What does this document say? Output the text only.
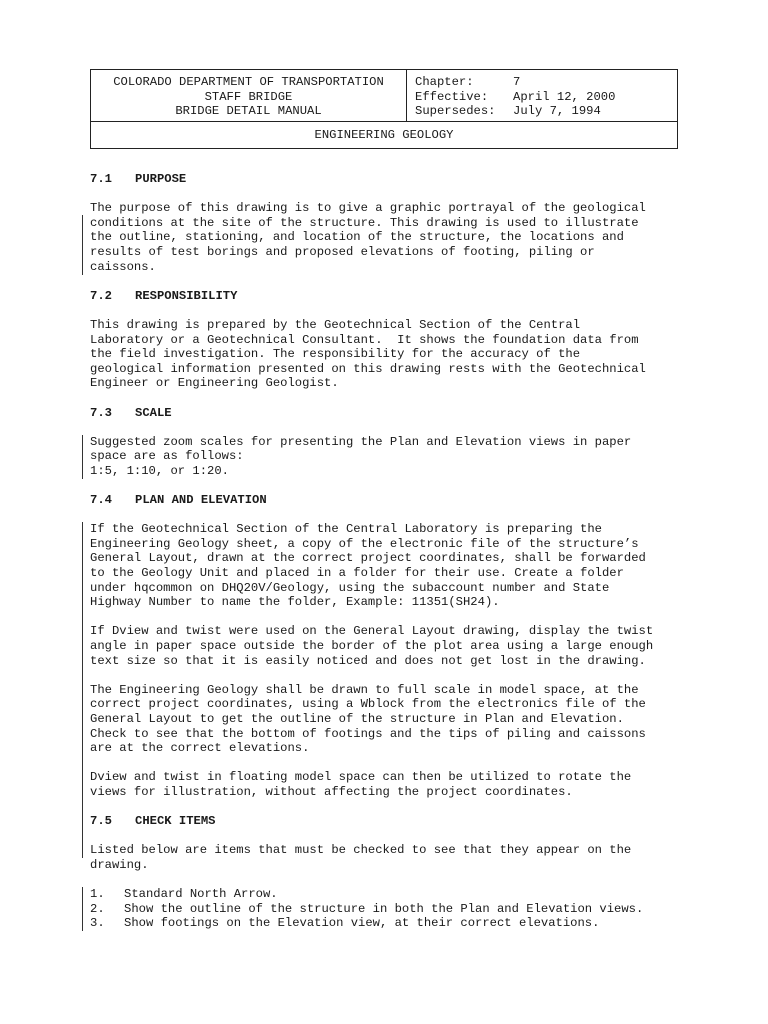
COLORADO DEPARTMENT OF TRANSPORTATION
STAFF BRIDGE
BRIDGE DETAIL MANUAL
Chapter:	7
Effective:	April 12, 2000
Supersedes:	July 7, 1994
ENGINEERING GEOLOGY
7.1	PURPOSE
The purpose of this drawing is to give a graphic portrayal of the geological
conditions at the site of the structure. This drawing is used to illustrate
the outline, stationing, and location of the structure, the locations and
results of test borings and proposed elevations of footing, piling or
caissons.
7.2	RESPONSIBILITY
This drawing is prepared by the Geotechnical Section of the Central
Laboratory or a Geotechnical Consultant.  It shows the foundation data from
the field investigation. The responsibility for the accuracy of the
geological information presented on this drawing rests with the Geotechnical
Engineer or Engineering Geologist.
7.3	SCALE
Suggested zoom scales for presenting the Plan and Elevation views in paper
space are as follows:
1:5, 1:10, or 1:20.
7.4	PLAN AND ELEVATION
If the Geotechnical Section of the Central Laboratory is preparing the
Engineering Geology sheet, a copy of the electronic file of the structure’s
General Layout, drawn at the correct project coordinates, shall be forwarded
to the Geology Unit and placed in a folder for their use. Create a folder
under hqcommon on DHQ20V/Geology, using the subaccount number and State
Highway Number to name the folder, Example: 11351(SH24).
If Dview and twist were used on the General Layout drawing, display the twist
angle in paper space outside the border of the plot area using a large enough
text size so that it is easily noticed and does not get lost in the drawing.
The Engineering Geology shall be drawn to full scale in model space, at the
correct project coordinates, using a Wblock from the electronics file of the
General Layout to get the outline of the structure in Plan and Elevation.
Check to see that the bottom of footings and the tips of piling and caissons
are at the correct elevations.
Dview and twist in floating model space can then be utilized to rotate the
views for illustration, without affecting the project coordinates.
7.5	CHECK ITEMS
Listed below are items that must be checked to see that they appear on the
drawing.
1.	Standard North Arrow.
2.	Show the outline of the structure in both the Plan and Elevation views.
3.	Show footings on the Elevation view, at their correct elevations.
